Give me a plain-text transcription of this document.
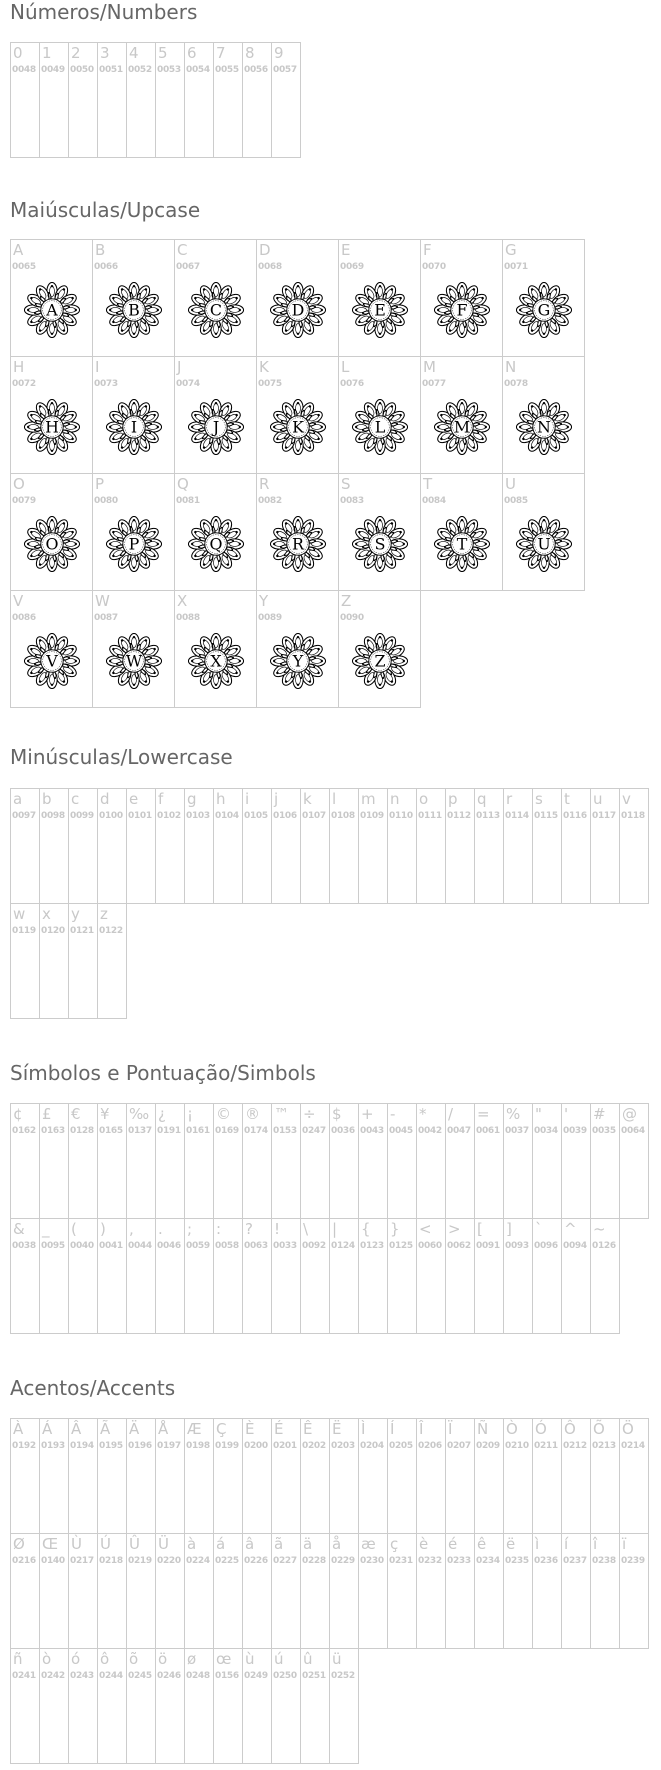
Números/Numbers
0
0048
1
0049
2
0050
3
0051
4
0052
5
0053
6
0054
7
0055
8
0056
9
0057
Maiúsculas/Upcase
A
0065
A
B
0066
B
C
0067
C
D
0068
D
E
0069
E
F
0070
F
G
0071
G
H
0072
H
I
0073
I
J
0074
J
K
0075
K
L
0076
L
M
0077
M
N
0078
N
O
0079
O
P
0080
P
Q
0081
Q
R
0082
R
S
0083
S
T
0084
T
U
0085
U
V
0086
V
W
0087
W
X
0088
X
Y
0089
Y
Z
0090
Z
Minúsculas/Lowercase
a
0097
b
0098
c
0099
d
0100
e
0101
f
0102
g
0103
h
0104
i
0105
j
0106
k
0107
l
0108
m
0109
n
0110
o
0111
p
0112
q
0113
r
0114
s
0115
t
0116
u
0117
v
0118
w
0119
x
0120
y
0121
z
0122
Símbolos e Pontuação/Simbols
¢
0162
£
0163
€
0128
¥
0165
‰
0137
¿
0191
¡
0161
©
0169
®
0174
™
0153
÷
0247
$
0036
+
0043
-
0045
*
0042
/
0047
=
0061
%
0037
"
0034
'
0039
#
0035
@
0064
&
0038
_
0095
(
0040
)
0041
,
0044
.
0046
;
0059
:
0058
?
0063
!
0033
\
0092
|
0124
{
0123
}
0125
<
0060
>
0062
[
0091
]
0093
`
0096
^
0094
~
0126
Acentos/Accents
À
0192
Á
0193
Â
0194
Ã
0195
Ä
0196
Å
0197
Æ
0198
Ç
0199
È
0200
É
0201
Ê
0202
Ë
0203
Ì
0204
Í
0205
Î
0206
Ï
0207
Ñ
0209
Ò
0210
Ó
0211
Ô
0212
Õ
0213
Ö
0214
Ø
0216
Œ
0140
Ù
0217
Ú
0218
Û
0219
Ü
0220
à
0224
á
0225
â
0226
ã
0227
ä
0228
å
0229
æ
0230
ç
0231
è
0232
é
0233
ê
0234
ë
0235
ì
0236
í
0237
î
0238
ï
0239
ñ
0241
ò
0242
ó
0243
ô
0244
õ
0245
ö
0246
ø
0248
œ
0156
ù
0249
ú
0250
û
0251
ü
0252
